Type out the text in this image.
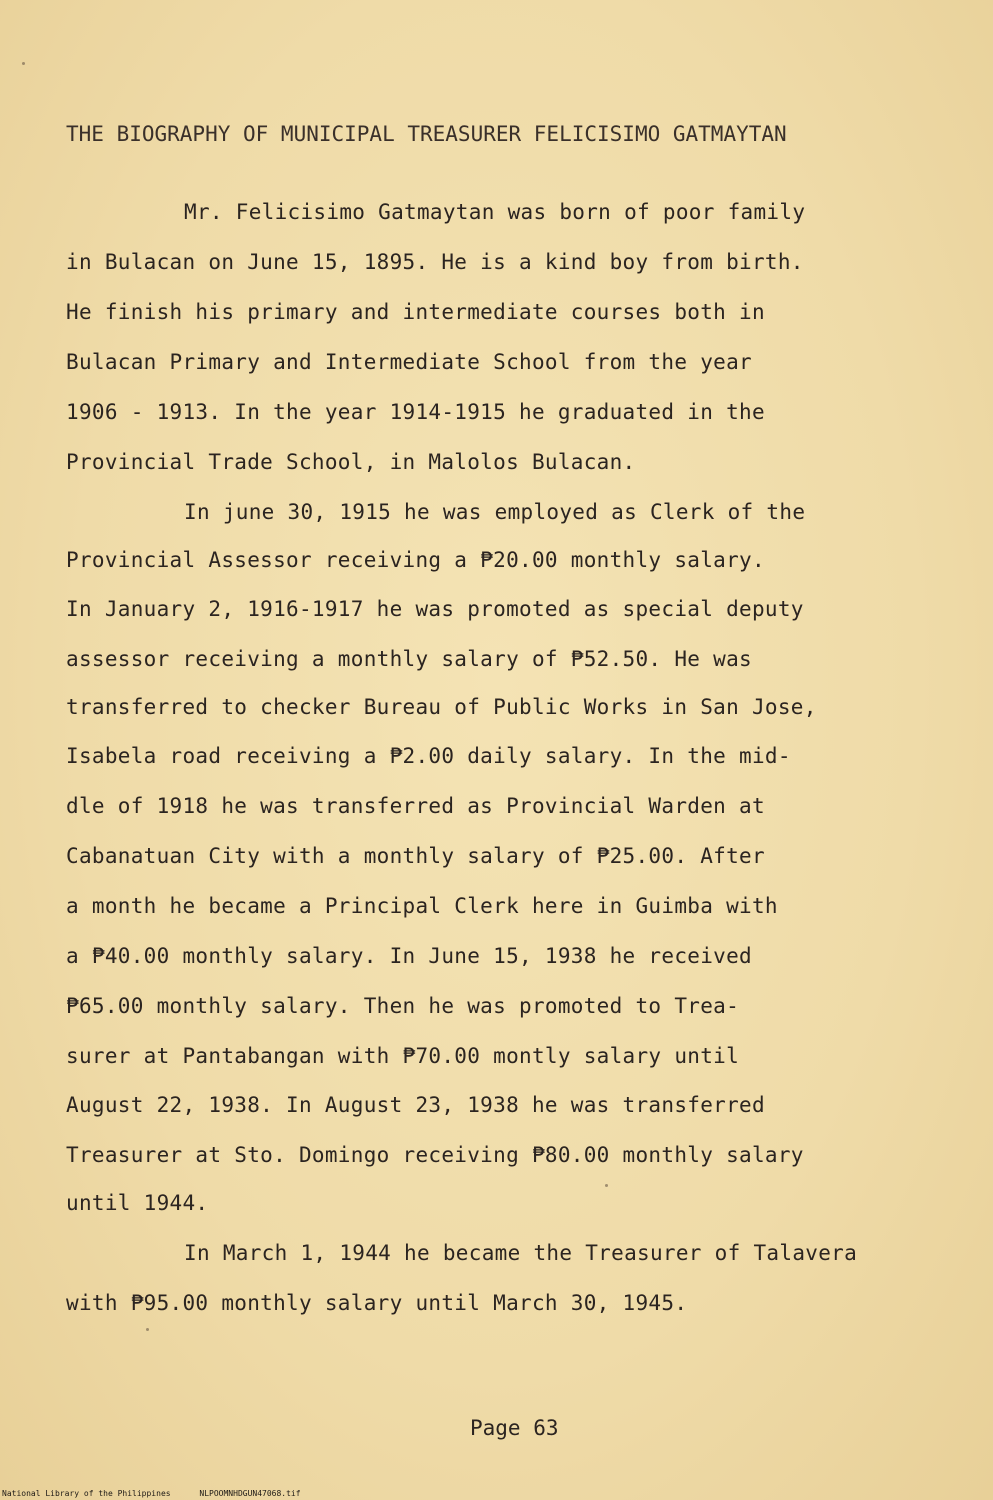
THE BIOGRAPHY OF MUNICIPAL TREASURER FELICISIMO GATMAYTAN
Mr. Felicisimo Gatmaytan was born of poor family
in Bulacan on June 15, 1895. He is a kind boy from birth.
He finish his primary and intermediate courses both in
Bulacan Primary and Intermediate School from the year
1906 - 1913. In the year 1914-1915 he graduated in the
Provincial Trade School, in Malolos Bulacan.
In june 30, 1915 he was employed as Clerk of the
Provincial Assessor receiving a ₱20.00 monthly salary.
In January 2, 1916-1917 he was promoted as special deputy
assessor receiving a monthly salary of ₱52.50. He was
transferred to checker Bureau of Public Works in San Jose,
Isabela road receiving a ₱2.00 daily salary. In the mid-
dle of 1918 he was transferred as Provincial Warden at
Cabanatuan City with a monthly salary of ₱25.00. After
a month he became a Principal Clerk here in Guimba with
a ₱40.00 monthly salary. In June 15, 1938 he received
₱65.00 monthly salary. Then he was promoted to Trea-
surer at Pantabangan with ₱70.00 montly salary until
August 22, 1938. In August 23, 1938 he was transferred
Treasurer at Sto. Domingo receiving ₱80.00 monthly salary
until 1944.
In March 1, 1944 he became the Treasurer of Talavera
with ₱95.00 monthly salary until March 30, 1945.
Page 63
National Library of the Philippines	NLPOOMNHDGUN47068.tif
